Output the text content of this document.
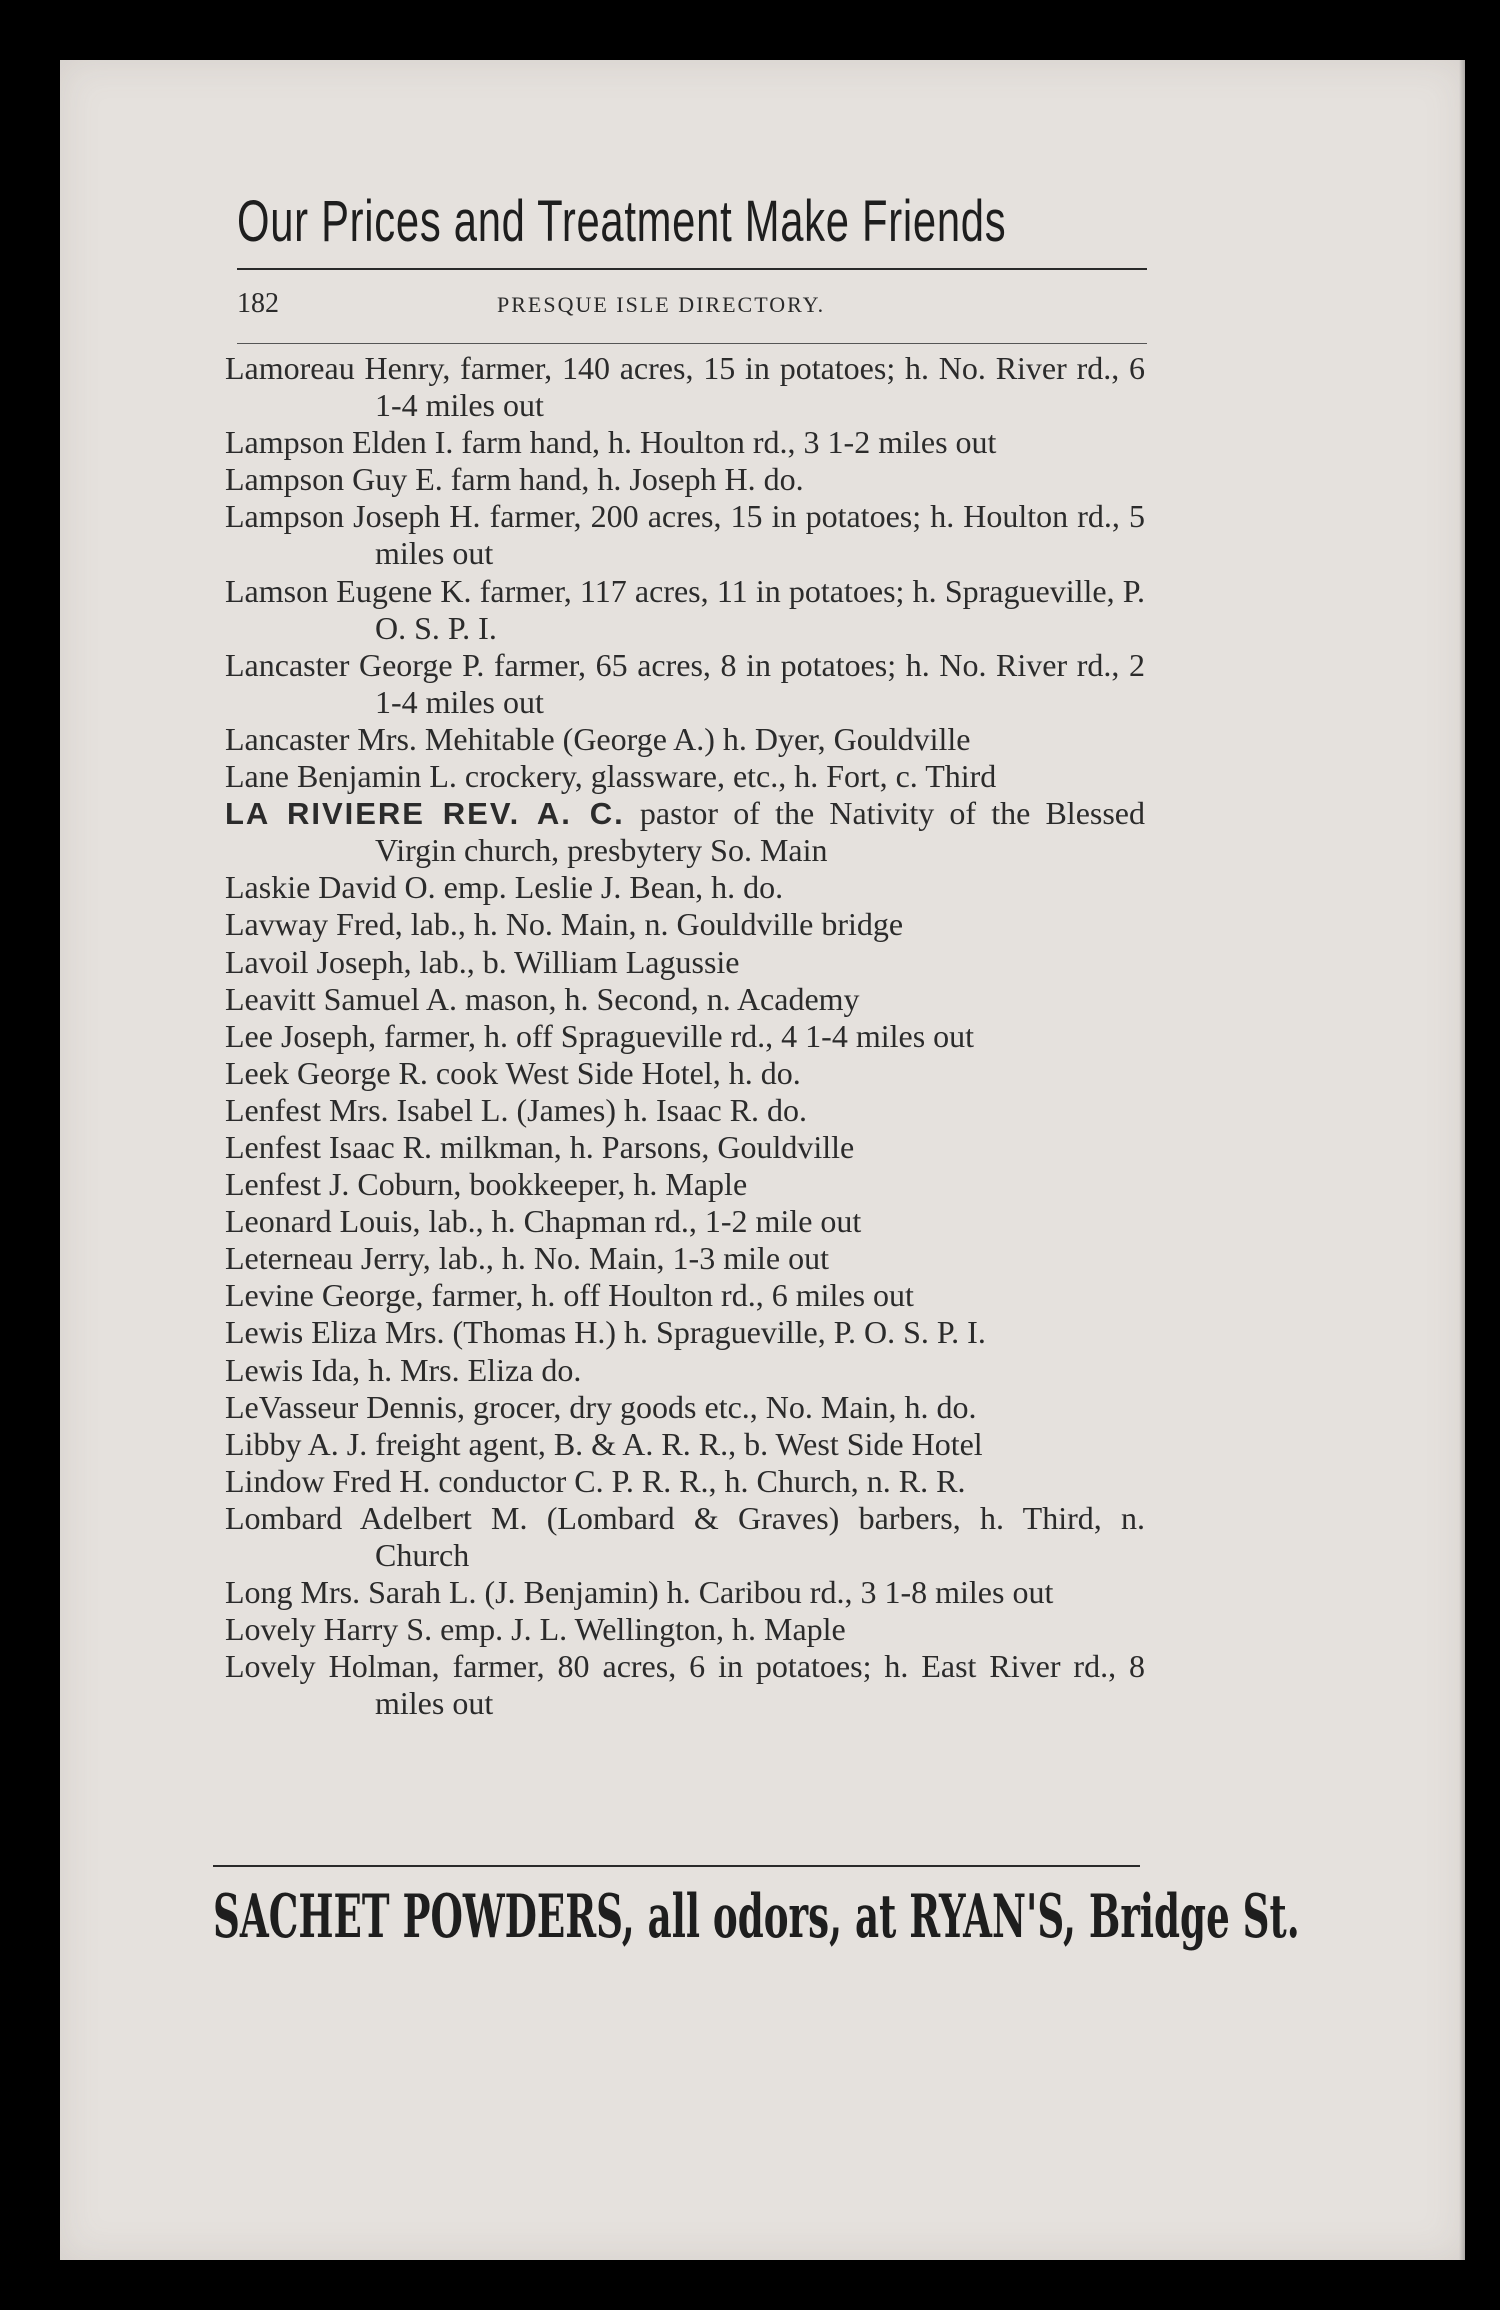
Our Prices and Treatment Make Friends
182	PRESQUE ISLE DIRECTORY.
Lamoreau Henry, farmer, 140 acres, 15 in potatoes; h. No. River rd., 6 1-4 miles out
Lampson Elden I. farm hand, h. Houlton rd., 3 1-2 miles out
Lampson Guy E. farm hand, h. Joseph H. do.
Lampson Joseph H. farmer, 200 acres, 15 in potatoes; h. Houlton rd., 5 miles out
Lamson Eugene K. farmer, 117 acres, 11 in potatoes; h. Spragueville, P. O. S. P. I.
Lancaster George P. farmer, 65 acres, 8 in potatoes; h. No. River rd., 2 1-4 miles out
Lancaster Mrs. Mehitable (George A.) h. Dyer, Gouldville
Lane Benjamin L. crockery, glassware, etc., h. Fort, c. Third
LA RIVIERE REV. A. C. pastor of the Nativity of the Blessed Virgin church, presbytery So. Main
Laskie David O. emp. Leslie J. Bean, h. do.
Lavway Fred, lab., h. No. Main, n. Gouldville bridge
Lavoil Joseph, lab., b. William Lagussie
Leavitt Samuel A. mason, h. Second, n. Academy
Lee Joseph, farmer, h. off Spragueville rd., 4 1-4 miles out
Leek George R. cook West Side Hotel, h. do.
Lenfest Mrs. Isabel L. (James) h. Isaac R. do.
Lenfest Isaac R. milkman, h. Parsons, Gouldville
Lenfest J. Coburn, bookkeeper, h. Maple
Leonard Louis, lab., h. Chapman rd., 1-2 mile out
Leterneau Jerry, lab., h. No. Main, 1-3 mile out
Levine George, farmer, h. off Houlton rd., 6 miles out
Lewis Eliza Mrs. (Thomas H.) h. Spragueville, P. O. S. P. I.
Lewis Ida, h. Mrs. Eliza do.
LeVasseur Dennis, grocer, dry goods etc., No. Main, h. do.
Libby A. J. freight agent, B. & A. R. R., b. West Side Hotel
Lindow Fred H. conductor C. P. R. R., h. Church, n. R. R.
Lombard Adelbert M. (Lombard & Graves) barbers, h. Third, n. Church
Long Mrs. Sarah L. (J. Benjamin) h. Caribou rd., 3 1-8 miles out
Lovely Harry S. emp. J. L. Wellington, h. Maple
Lovely Holman, farmer, 80 acres, 6 in potatoes; h. East River rd., 8 miles out
SACHET POWDERS, all odors, at RYAN'S, Bridge St.
